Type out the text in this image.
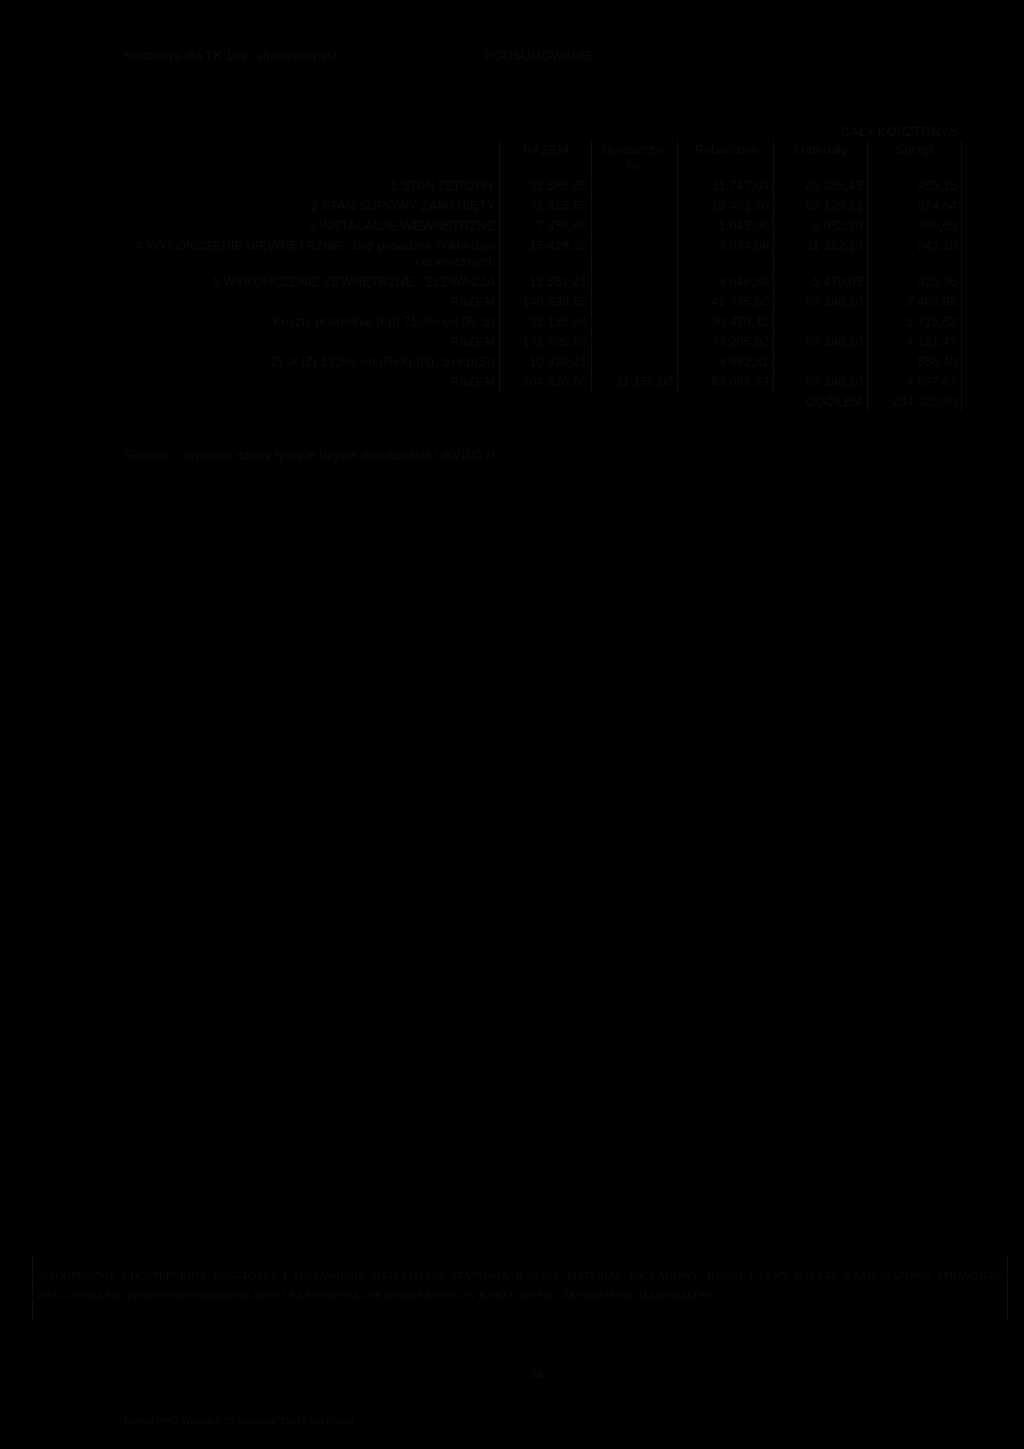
Kosztorys dla TK 109 - drewniany.kst	PODSUMOWANIE
				CAŁY KOSZTORYS	
	RAZEM	Uproszczo-ne	Robocizna	Materiały	Sprzęt
1 STAN ZEROWY	32 585,65		11 747,04	20 385,45	453,16
2 STAN SUROWY ZAMKNIĘTY	72 515,55		19 461,70	52 129,21	924,64
3 INSTALACJE WEWNĘTRZNE	7 458,89		1 045,90	6 052,30	360,69
4 WYKOŃCZENIE WEWNĘTRZNE - bez posadzek i okła-dzin ceramicznych	15 428,35		3 834,06	11 352,19	242,10
5 WYKOŃCZENIE ZEWNĘTRZNE - ELEWACJA	12 551,21		6 646,80	5 479,05	425,36
RAZEM	140 539,65		42 735,50	95 398,20	2 405,95
Koszty pośrednie [Kp] 71,3% od (R, S)	32 185,94		30 470,42		1 715,52
RAZEM	172 725,59		73 205,92	95 398,20	4 121,47
Zysk [Z] 13,5% od (R+Kp(R), S+Kp(S))	10 439,21		9 882,81		556,40
RAZEM	204 320,80	21 156,00	83 088,73	95 398,20	4 677,87
				OGÓŁEM	204 320,80
Słownie: dwieście cztery tysiące trzysta dwadzieścia i 80/100 zł
NIEODPŁATNIE UDOSTĘPNIONY KOSZTORYS I ZESTAWIENIE MATERIAŁÓW STANOWIĄ JEDYNIE MATERIAŁ POGLĄDOWY. ILOŚCI I CENY NALEŻY KAŻDORAZOWO SPRAWDZIĆ. PRACOWNIA NIE PONOSI ODPOWIEDZIALNOŚCI ZA EWENTUALNE ROZBIEŻNOŚCI W KOSZTORYSIE I ZESTAWIENIU MATERIAŁÓW
- 54 -
Norma PRO Wersja 4.25 Licencja: 13475 dla Romiz
